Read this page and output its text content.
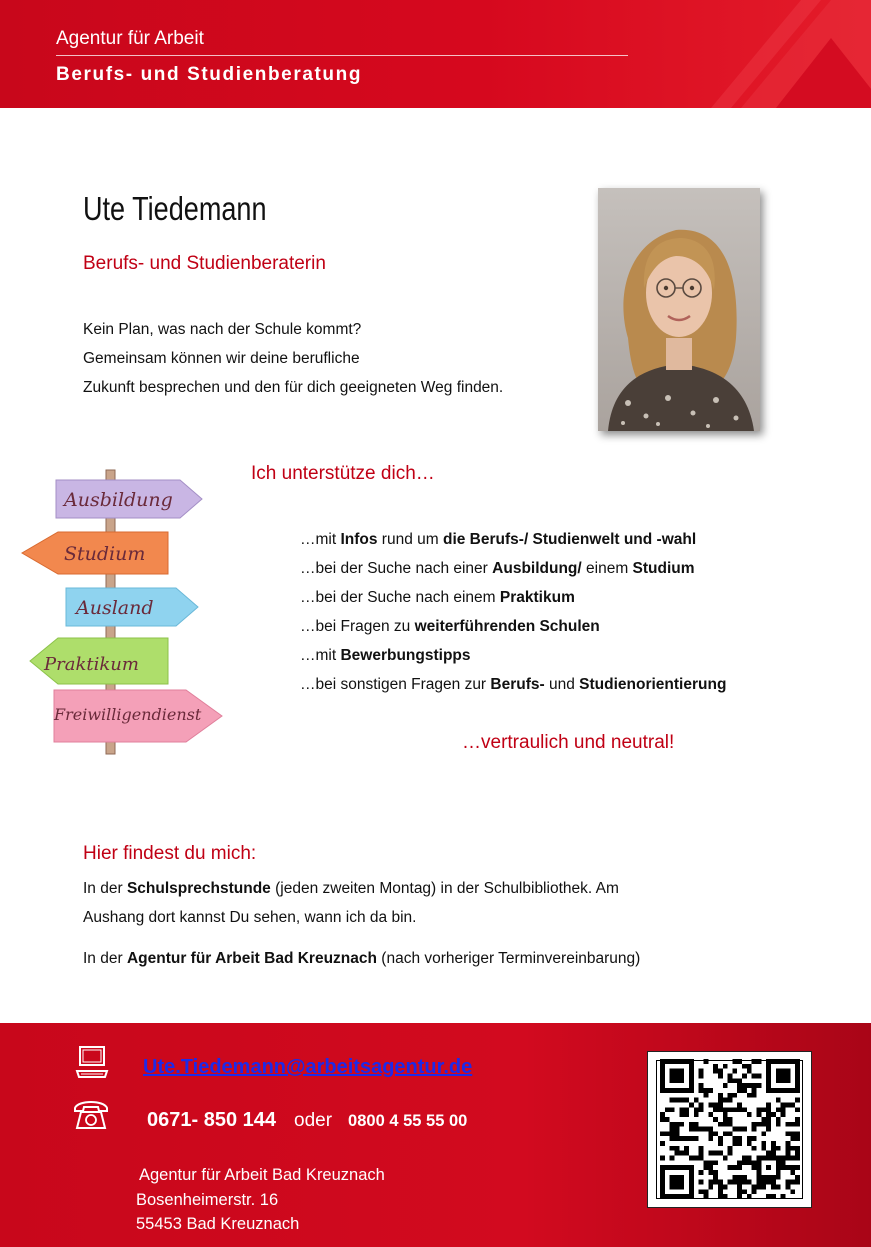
Agentur für Arbeit
Berufs- und Studienberatung
Ute Tiedemann
Berufs- und Studienberaterin
Kein Plan, was nach der Schule kommt?
Gemeinsam können wir deine berufliche
Zukunft besprechen und den für dich geeigneten Weg finden.
Ausbildung
Studium
Ausland
Praktikum
Freiwilligendienst
Ich unterstütze dich…
…mit Infos rund um die Berufs-/ Studienwelt und -wahl
…bei der Suche nach einer Ausbildung/ einem Studium
…bei der Suche nach einem Praktikum
…bei Fragen zu weiterführenden Schulen
…mit Bewerbungstipps
…bei sonstigen Fragen zur Berufs- und Studienorientierung
…vertraulich und neutral!
Hier findest du mich:
In der Schulsprechstunde (jeden zweiten Montag) in der Schulbibliothek. Am
Aushang dort kannst Du sehen, wann ich da bin.
In der Agentur für Arbeit Bad Kreuznach (nach vorheriger Terminvereinbarung)
Ute.Tiedemann@arbeitsagentur.de
0671- 850 144 oder 0800 4 55 55 00
Agentur für Arbeit Bad Kreuznach
Bosenheimerstr. 16
55453 Bad Kreuznach
